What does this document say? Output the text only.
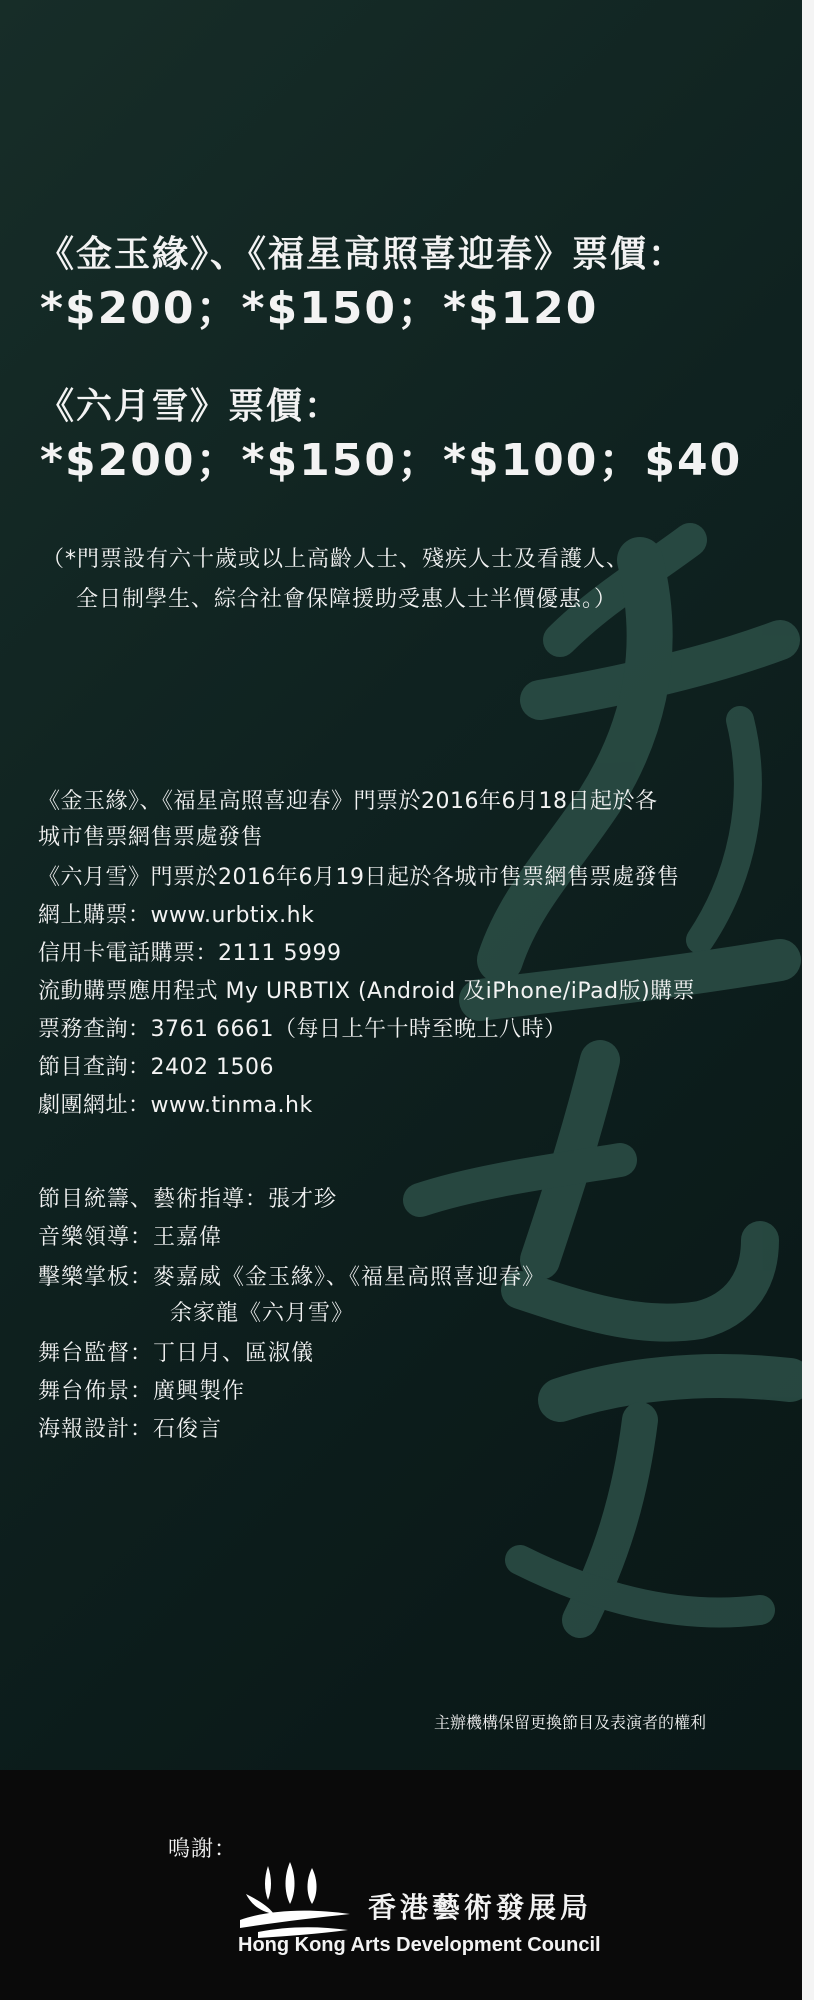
《金玉緣》、《福星高照喜迎春》票價：
*$200；*$150；*$120
《六月雪》票價：
*$200；*$150；*$100；$40
（*門票設有六十歲或以上高齡人士、殘疾人士及看護人、
全日制學生、綜合社會保障援助受惠人士半價優惠。）
《金玉緣》、《福星高照喜迎春》門票於2016年6月18日起於各
城市售票網售票處發售
《六月雪》門票於2016年6月19日起於各城市售票網售票處發售
網上購票：www.urbtix.hk
信用卡電話購票：2111 5999
流動購票應用程式 My URBTIX (Android 及iPhone/iPad版)購票
票務查詢：3761 6661（每日上午十時至晚上八時）
節目查詢：2402 1506
劇團網址：www.tinma.hk
節目統籌、藝術指導：張才珍
音樂領導：王嘉偉
擊樂掌板：麥嘉威《金玉緣》、《福星高照喜迎春》
余家龍《六月雪》
舞台監督：丁日月、區淑儀
舞台佈景：廣興製作
海報設計：石俊言
主辦機構保留更換節目及表演者的權利
鳴謝：
香港藝術發展局
Hong Kong Arts Development Council
